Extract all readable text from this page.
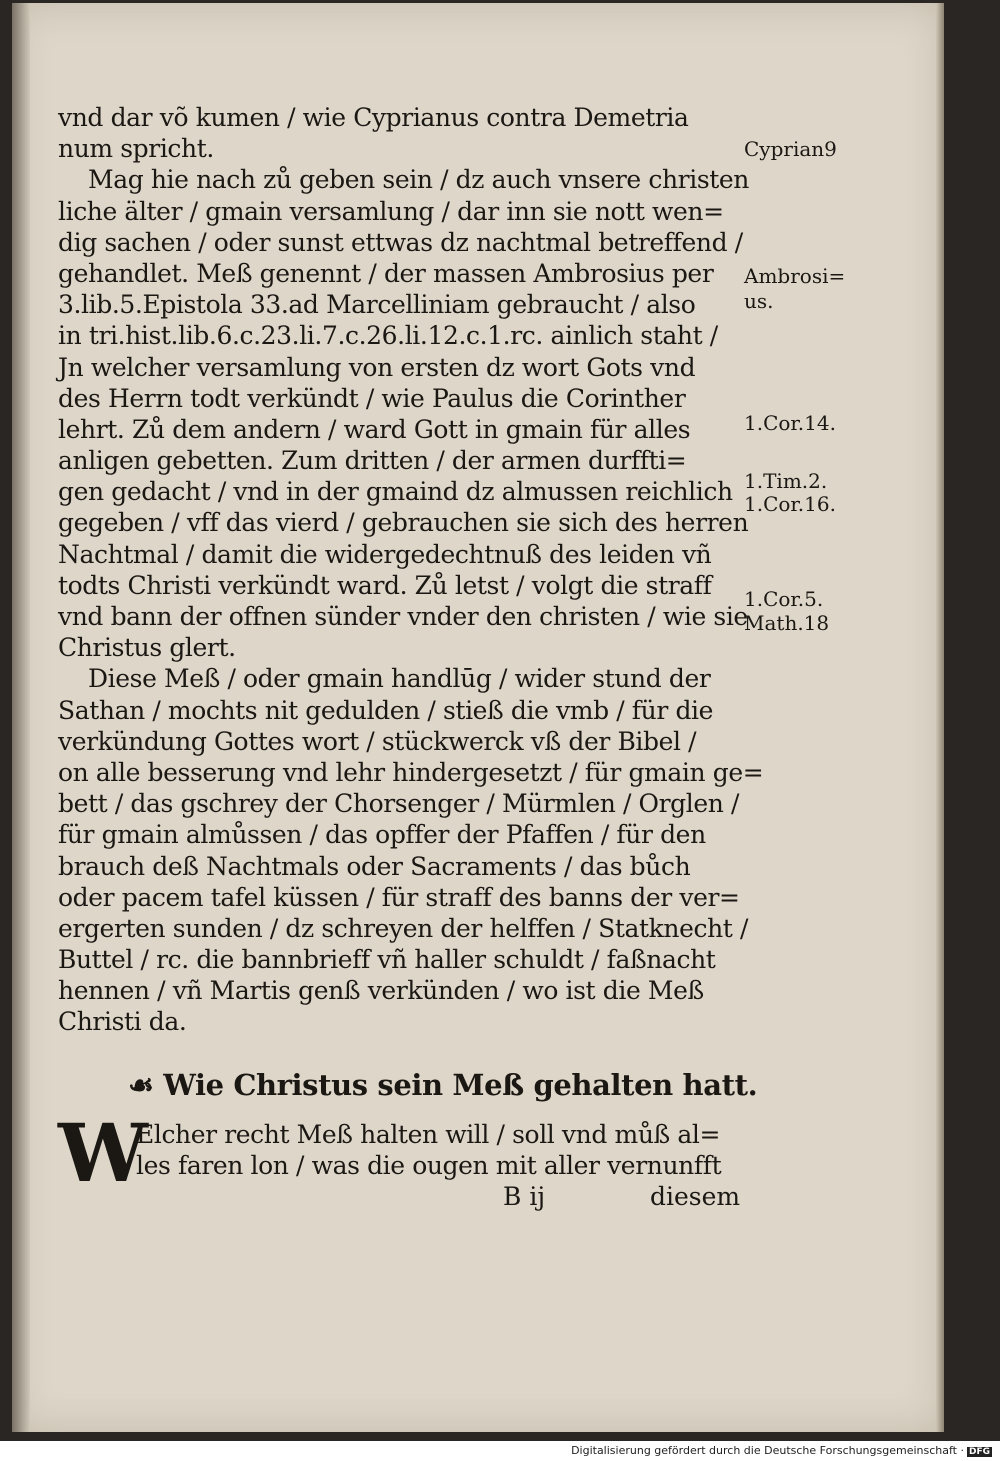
vnd dar võ kumen / wie Cyprianus contra Demetria
num spricht.
Mag hie nach zů geben sein / dz auch vnsere christen
liche älter / gmain versamlung / dar inn sie nott wen=
dig sachen / oder sunst ettwas dz nachtmal betreffend /
gehandlet. Meß genennt / der massen Ambrosius per
3.lib.5.Epistola 33.ad Marcelliniam gebraucht / also
in tri.hist.lib.6.c.23.li.7.c.26.li.12.c.1.rc. ainlich staht /
Jn welcher versamlung von ersten dz wort Gots vnd
des Herrn todt verkündt / wie Paulus die Corinther
lehrt. Zů dem andern / ward Gott in gmain für alles
anligen gebetten. Zum dritten / der armen durffti=
gen gedacht / vnd in der gmaind dz almussen reichlich
gegeben / vff das vierd / gebrauchen sie sich des herren
Nachtmal / damit die widergedechtnuß des leiden vñ
todts Christi verkündt ward. Zů letst / volgt die straff
vnd bann der offnen sünder vnder den christen / wie sie
Christus glert.
Diese Meß / oder gmain handlūg / wider stund der
Sathan / mochts nit gedulden / stieß die vmb / für die
verkündung Gottes wort / stückwerck vß der Bibel /
on alle besserung vnd lehr hindergesetzt / für gmain ge=
bett / das gschrey der Chorsenger / Mürmlen / Orglen /
für gmain almůssen / das opffer der Pfaffen / für den
brauch deß Nachtmals oder Sacraments / das bůch
oder pacem tafel küssen / für straff des banns der ver=
ergerten sunden / dz schreyen der helffen / Statknecht /
Buttel / rc. die bannbrieff vñ haller schuldt / faßnacht
hennen / vñ Martis genß verkünden / wo ist die Meß
Christi da.
☙ Wie Christus sein Meß gehalten hatt.
W
Elcher recht Meß halten will / soll vnd můß al=
les faren lon / was die ougen mit aller vernunfft
B ij	diesem
Cyprian9
Ambrosi=
us.
1.Cor.14.
1.Tim.2.
1.Cor.16.
1.Cor.5.
Math.18
Digitalisierung gefördert durch die Deutsche Forschungsgemeinschaft · DFG
